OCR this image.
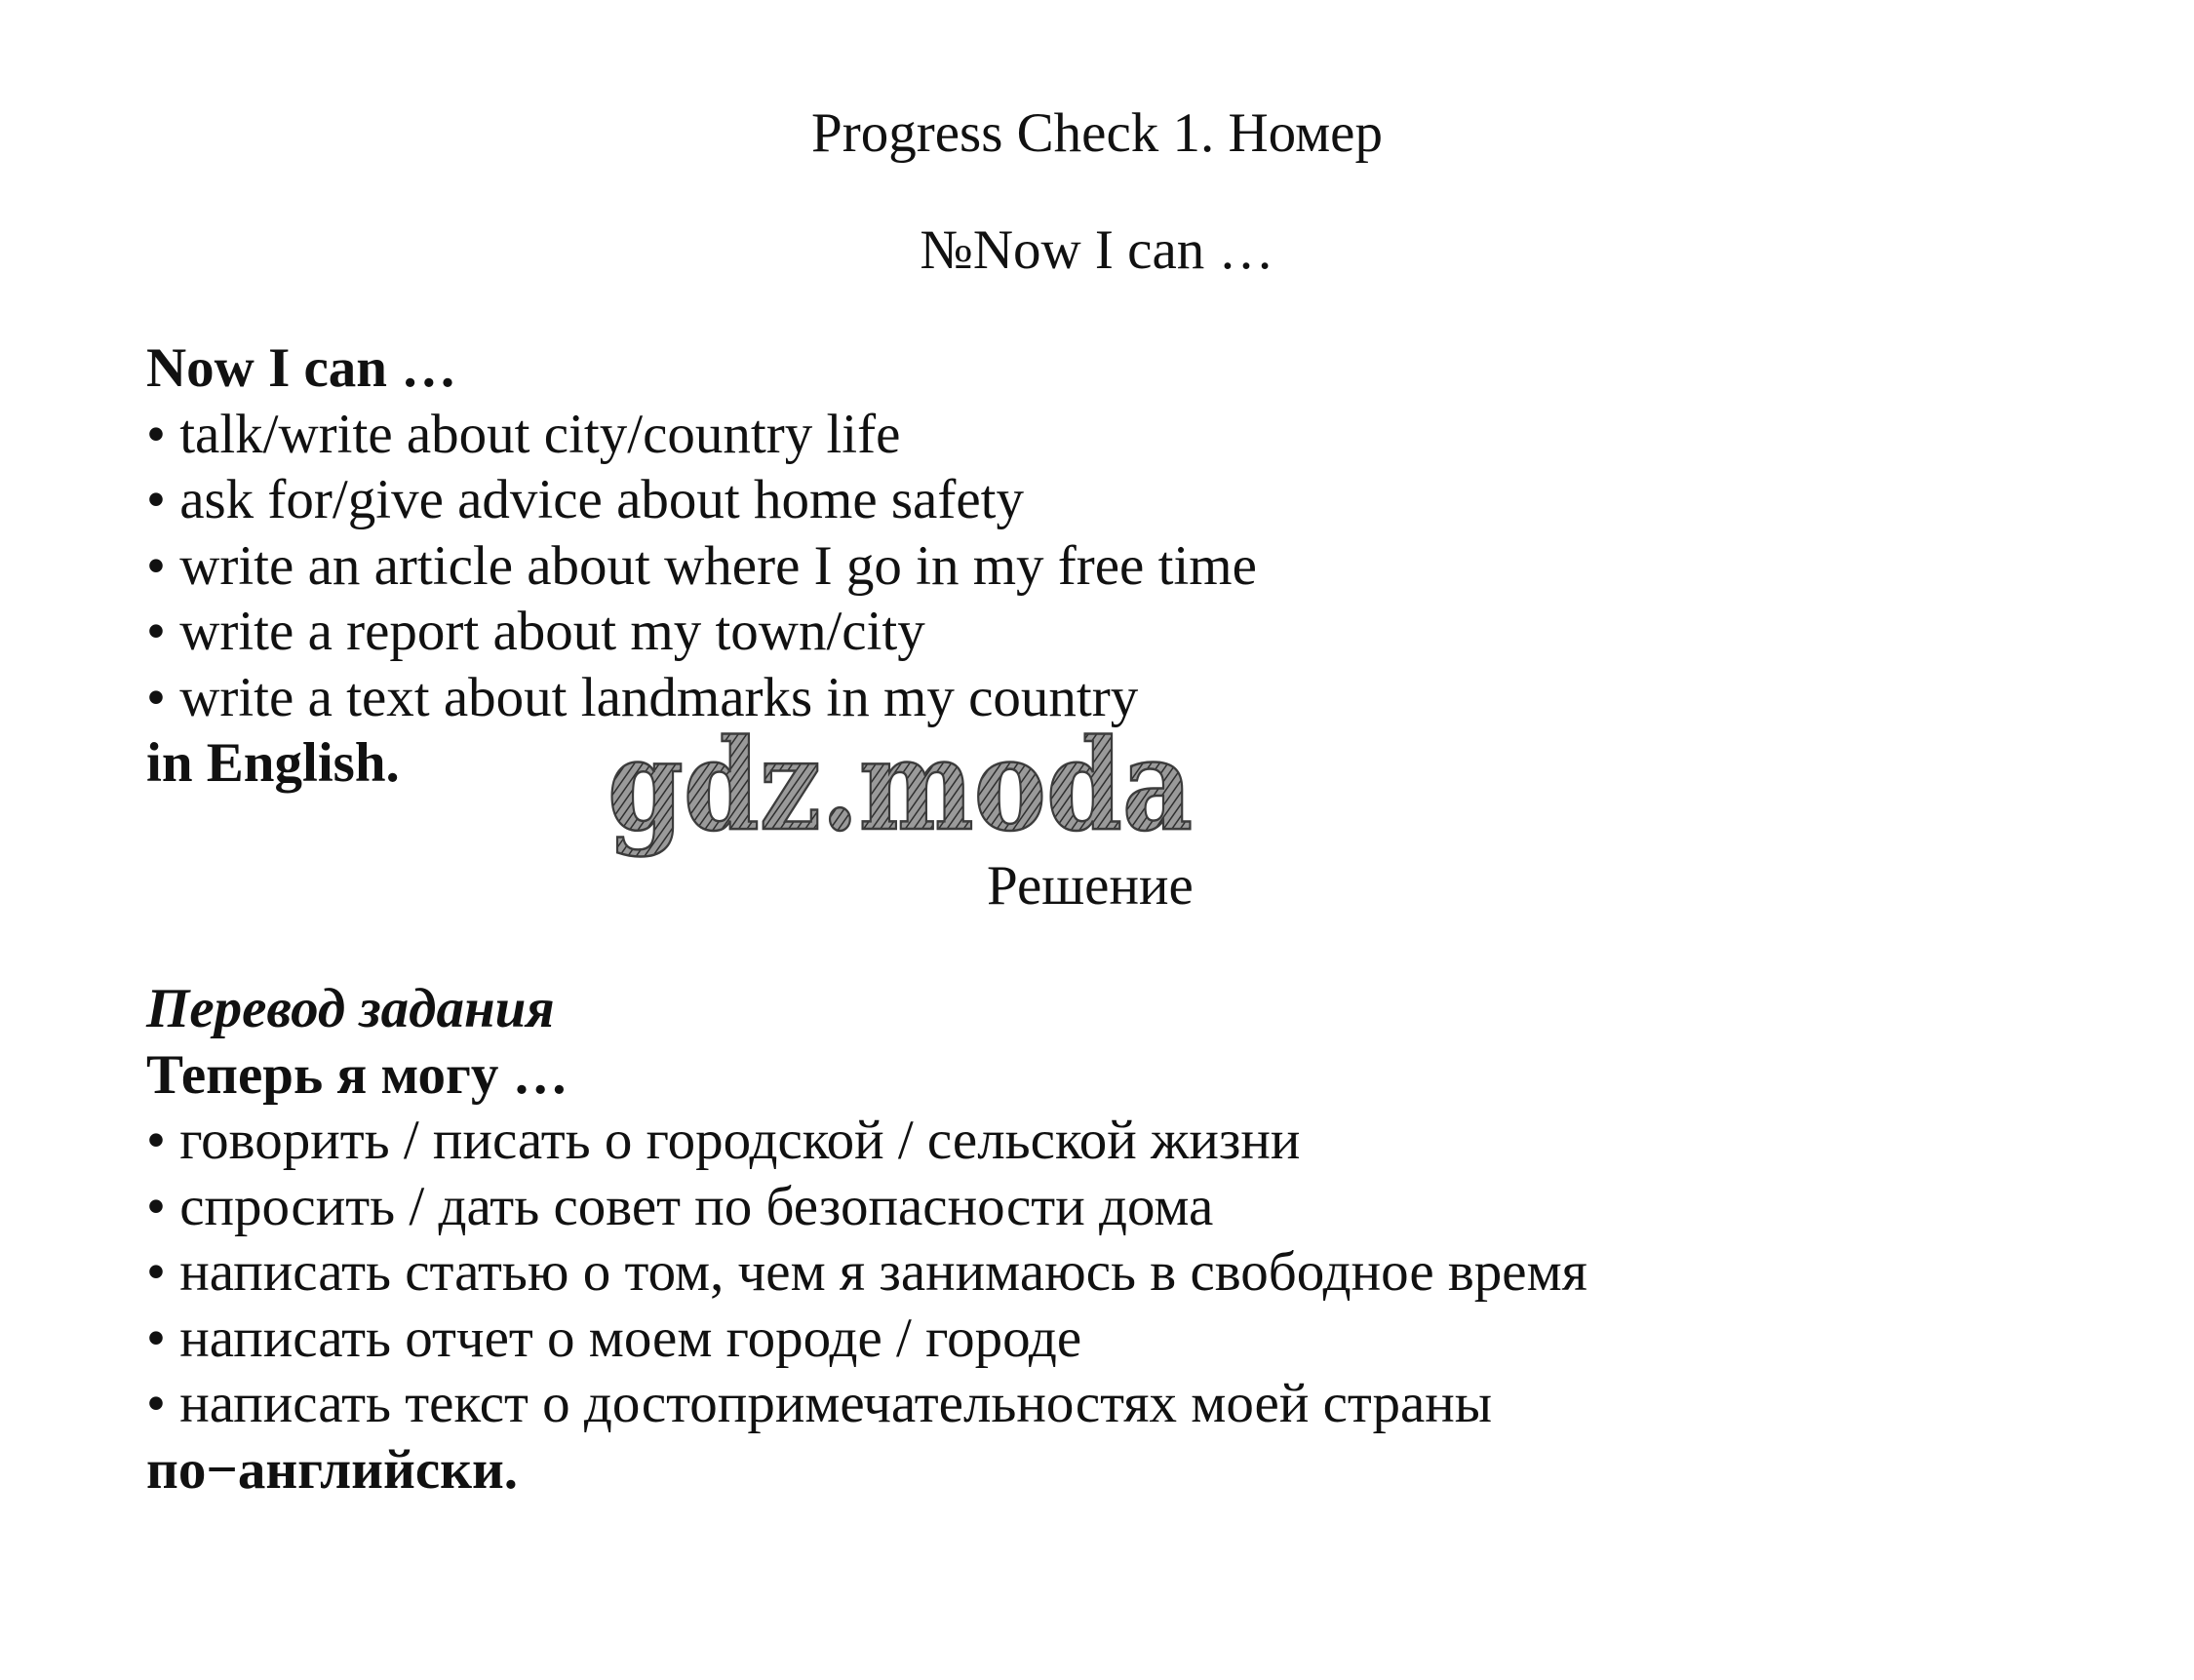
Progress Check 1. Номер
№Now I can …
Now I can …
• talk/write about city/country life
• ask for/give advice about home safety
• write an article about where I go in my free time
• write a report about my town/city
• write a text about landmarks in my country
in English.	gdz.moda
Решение
Перевод задания
Теперь я могу …
• говорить / писать о городской / сельской жизни
• спросить / дать совет по безопасности дома
• написать статью о том, чем я занимаюсь в свободное время
• написать отчет о моем городе / городе
• написать текст о достопримечательностях моей страны
по−английски.
